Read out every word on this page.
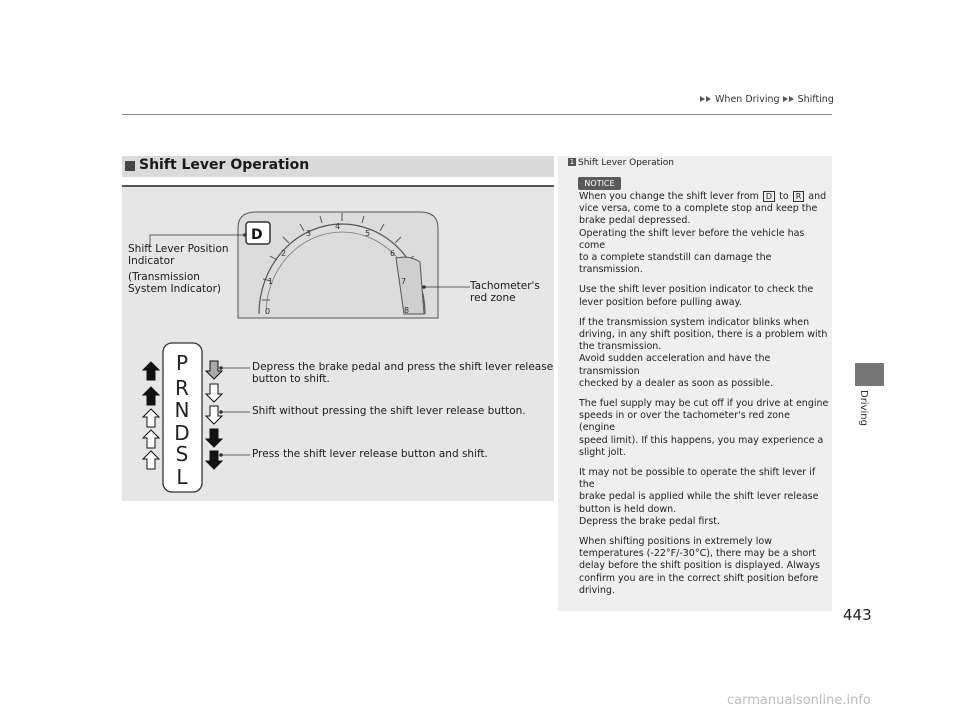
When Driving Shifting
Driving
Shift Lever Operation
0
1
2
3
4
5
6
7
8
D
P
R
N
D
S
L
Shift Lever Position
Indicator
(Transmission
System Indicator)	Tachometer's
red zone
Depress the brake pedal and press the shift lever release
button to shift.
Shift without pressing the shift lever release button.
Press the shift lever release button and shift.
1 Shift Lever Operation
NOTICE

When you change the shift lever from D to R and
vice versa, come to a complete stop and keep the
brake pedal depressed.
Operating the shift lever before the vehicle has come
to a complete standstill can damage the transmission.

Use the shift lever position indicator to check the
lever position before pulling away.

If the transmission system indicator blinks when
driving, in any shift position, there is a problem with
the transmission.
Avoid sudden acceleration and have the transmission
checked by a dealer as soon as possible.

The fuel supply may be cut off if you drive at engine
speeds in or over the tachometer's red zone (engine
speed limit). If this happens, you may experience a
slight jolt.

It may not be possible to operate the shift lever if the
brake pedal is applied while the shift lever release
button is held down.
Depress the brake pedal first.

When shifting positions in extremely low
temperatures (-22°F/-30°C), there may be a short
delay before the shift position is displayed. Always
confirm you are in the correct shift position before
driving.

443
carmanualsonline.info
